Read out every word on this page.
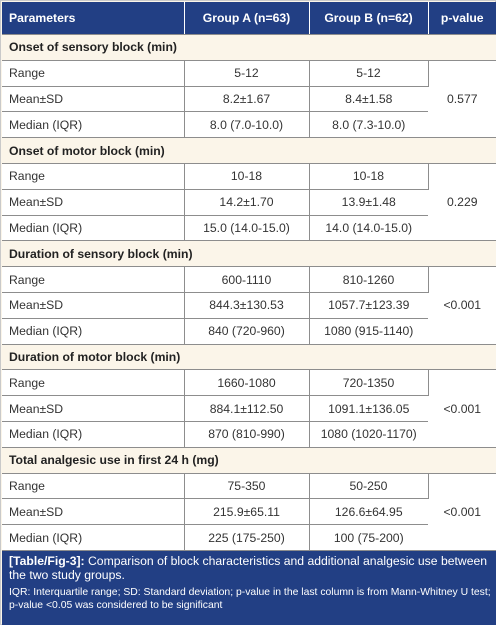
Parameters	Group A (n=63)	Group B (n=62)	p-value
Onset of sensory block (min)			
Range	5-12	5-12	0.577
Mean±SD	8.2±1.67	8.4±1.58	
Median (IQR)	8.0 (7.0-10.0)	8.0 (7.3-10.0)	
Onset of motor block (min)			
Range	10-18	10-18	0.229
Mean±SD	14.2±1.70	13.9±1.48	
Median (IQR)	15.0 (14.0-15.0)	14.0 (14.0-15.0)	
Duration of sensory block (min)			
Range	600-1110	810-1260	<0.001
Mean±SD	844.3±130.53	1057.7±123.39	
Median (IQR)	840 (720-960)	1080 (915-1140)	
Duration of motor block (min)			
Range	1660-1080	720-1350	<0.001
Mean±SD	884.1±112.50	1091.1±136.05	
Median (IQR)	870 (810-990)	1080 (1020-1170)	
Total analgesic use in first 24 h (mg)			
Range	75-350	50-250	<0.001
Mean±SD	215.9±65.11	126.6±64.95	
Median (IQR)	225 (175-250)	100 (75-200)	
[Table/Fig-3]: Comparison of block characteristics and additional analgesic use between the two study groups.
IQR: Interquartile range; SD: Standard deviation; p-value in the last column is from Mann-Whitney U test; p-value <0.05 was considered to be significant
